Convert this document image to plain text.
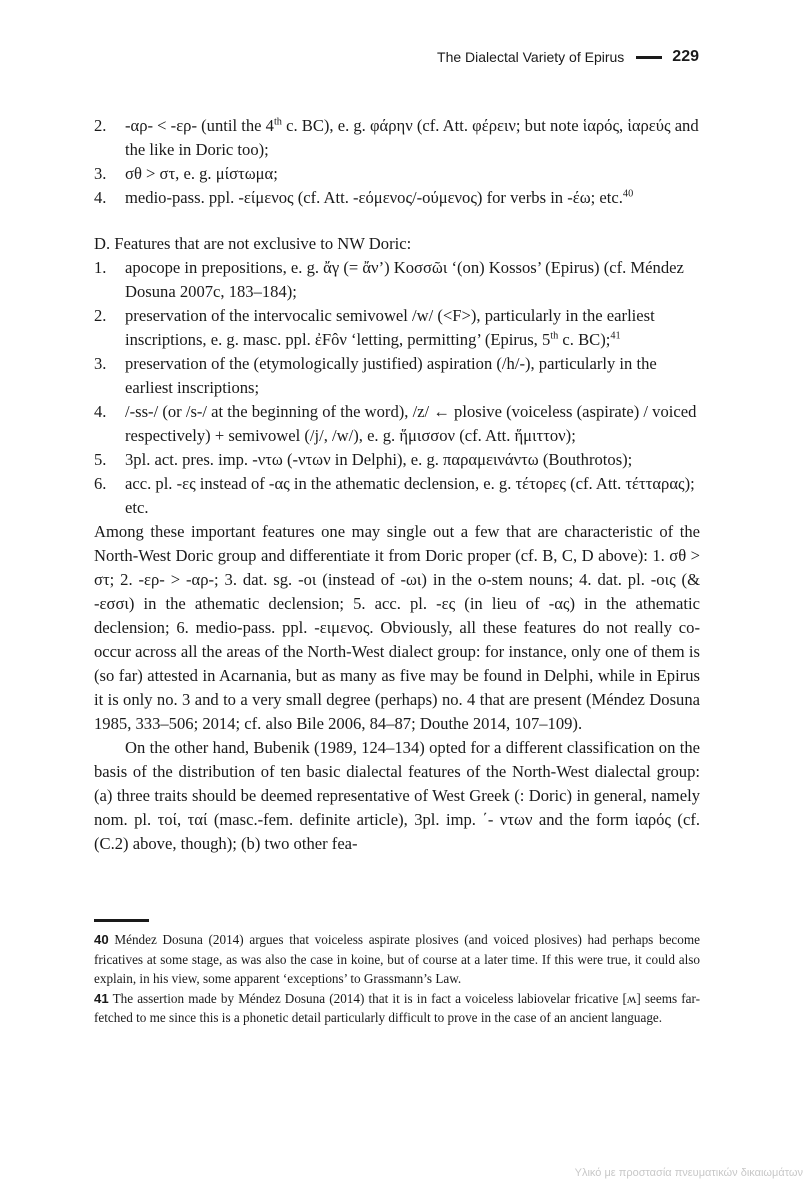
The Dialectal Variety of Epirus	229
2.	-αρ- < -ερ- (until the 4th c. BC), e. g. φάρην (cf. Att. φέρειν; but note ἱαρός, ἱαρεύς and the like in Doric too);
3.	σθ > στ, e. g. μίστωμα;
4.	medio-pass. ppl. -είμενος (cf. Att. -εόμενος/-ούμενος) for verbs in -έω; etc.$^{40}$

D. Features that are not exclusive to NW Doric:

1.	apocope in prepositions, e. g. ἄγ (= ἄν’) Κοσσῶι ‘(on) Kossos’ (Epirus) (cf. Méndez Dosuna 2007c, 183–184);
2.	preservation of the intervocalic semivowel /w/ (<F>), particularly in the earliest inscriptions, e. g. masc. ppl. ἐFôν ‘letting, permitting’ (Epirus, 5th c. BC);$^{41}$
3.	preservation of the (etymologically justified) aspiration (/h/-), particularly in the earliest inscriptions;
4.	/-ss-/ (or /s-/ at the beginning of the word), /z/ ← plosive (voiceless (aspirate) / voiced respectively) + semivowel (/j/, /w/), e. g. ἥμισσον (cf. Att. ἥμιττον);
5.	3pl. act. pres. imp. -ντω (-ντων in Delphi), e. g. παραμεινάντω (Bouthrotos);
6.	acc. pl. -ες instead of -ας in the athematic declension, e. g. τέτορες (cf. Att. τέτταρας); etc.

Among these important features one may single out a few that are characteristic of the North-West Doric group and differentiate it from Doric proper (cf. B, C, D above): 1. σθ > στ; 2. -ερ- > -αρ-; 3. dat. sg. -οι (instead of -ωι) in the o-stem nouns; 4. dat. pl. -οις (& -εσσι) in the athematic declension; 5. acc. pl. -ες (in lieu of -ας) in the athematic declension; 6. medio-pass. ppl. -ειμενος. Obviously, all these features do not really co-occur across all the areas of the North-West dialect group: for instance, only one of them is (so far) attested in Acarnania, but as many as five may be found in Delphi, while in Epirus it is only no. 3 and to a very small degree (perhaps) no. 4 that are present (Méndez Dosuna 1985, 333–506; 2014; cf. also Bile 2006, 84–87; Douthe 2014, 107–109).

On the other hand, Bubenik (1989, 124–134) opted for a different classification on the basis of the distribution of ten basic dialectal features of the North-West dialectal group: (a) three traits should be deemed representative of West Greek (: Doric) in general, namely nom. pl. τοί, ταί (masc.-fem. definite article), 3pl. imp. ΄- ντων and the form ἱαρός (cf. (C.2) above, though); (b) two other fea-

40 Méndez Dosuna (2014) argues that voiceless aspirate plosives (and voiced plosives) had perhaps become fricatives at some stage, as was also the case in koine, but of course at a later time. If this were true, it could also explain, in his view, some apparent ‘exceptions’ to Grassmann’s Law.

41 The assertion made by Méndez Dosuna (2014) that it is in fact a voiceless labiovelar fricative [ʍ] seems far-fetched to me since this is a phonetic detail particularly difficult to prove in the case of an ancient language.

Υλικό με προστασία πνευματικών δικαιωμάτων
